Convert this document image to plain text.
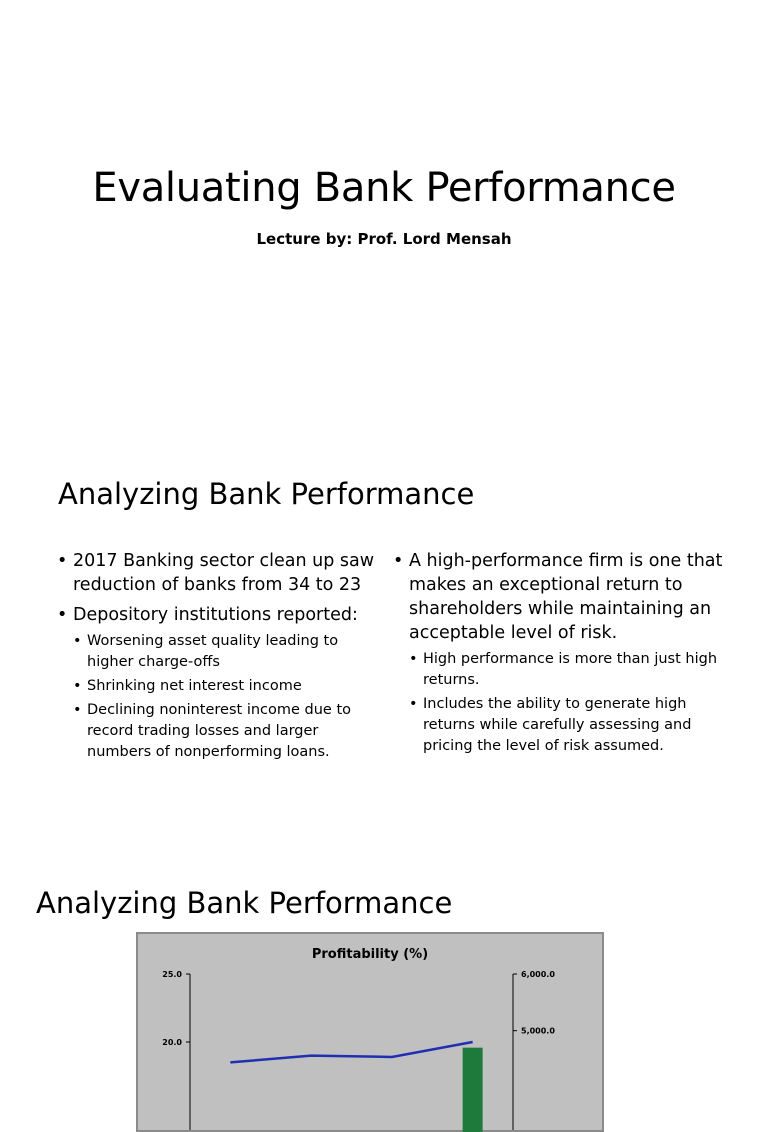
Evaluating Bank Performance
Lecture by: Prof. Lord Mensah
Analyzing Bank Performance
• 2017 Banking sector clean up saw reduction of banks from 34 to 23
• Depository institutions reported:
• Worsening asset quality leading to higher charge-offs
• Shrinking net interest income
• Declining noninterest income due to record trading losses and larger numbers of nonperforming loans.
• A high-performance firm is one that makes an exceptional return to shareholders while maintaining an acceptable level of risk.
• High performance is more than just high returns.
• Includes the ability to generate high returns while carefully assessing and pricing the level of risk assumed.
Analyzing Bank Performance
Profitability (%)
25.0
20.0
6,000.0
5,000.0
